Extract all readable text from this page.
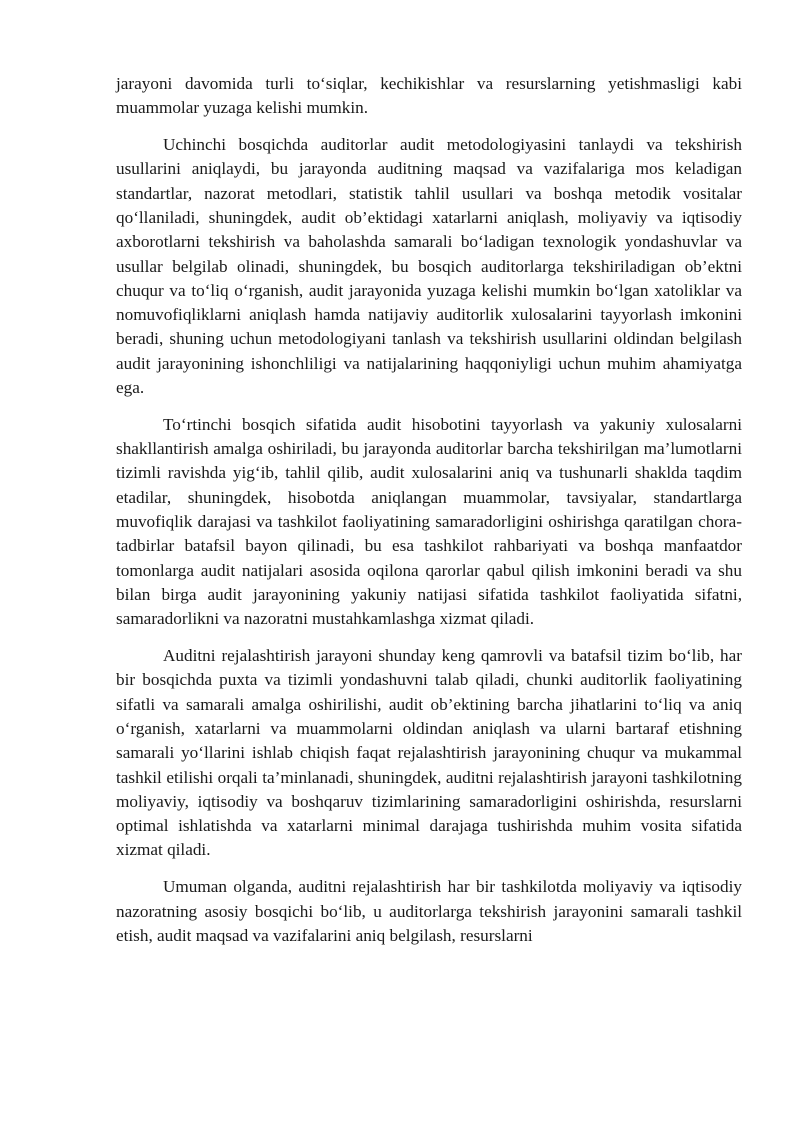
jarayoni davomida turli to‘siqlar, kechikishlar va resurslarning yetishmasligi kabi muammolar yuzaga kelishi mumkin.

Uchinchi bosqichda auditorlar audit metodologiyasini tanlaydi va tekshirish usullarini aniqlaydi, bu jarayonda auditning maqsad va vazifalariga mos keladigan standartlar, nazorat metodlari, statistik tahlil usullari va boshqa metodik vositalar qo‘llaniladi, shuningdek, audit ob’ektidagi xatarlarni aniqlash, moliyaviy va iqtisodiy axborotlarni tekshirish va baholashda samarali bo‘ladigan texnologik yondashuvlar va usullar belgilab olinadi, shuningdek, bu bosqich auditorlarga tekshiriladigan ob’ektni chuqur va to‘liq o‘rganish, audit jarayonida yuzaga kelishi mumkin bo‘lgan xatoliklar va nomuvofiqliklarni aniqlash hamda natijaviy auditorlik xulosalarini tayyorlash imkonini beradi, shuning uchun metodologiyani tanlash va tekshirish usullarini oldindan belgilash audit jarayonining ishonchliligi va natijalarining haqqoniyligi uchun muhim ahamiyatga ega.

To‘rtinchi bosqich sifatida audit hisobotini tayyorlash va yakuniy xulosalarni shakllantirish amalga oshiriladi, bu jarayonda auditorlar barcha tekshirilgan ma’lumotlarni tizimli ravishda yig‘ib, tahlil qilib, audit xulosalarini aniq va tushunarli shaklda taqdim etadilar, shuningdek, hisobotda aniqlangan muammolar, tavsiyalar, standartlarga muvofiqlik darajasi va tashkilot faoliyatining samaradorligini oshirishga qaratilgan chora-tadbirlar batafsil bayon qilinadi, bu esa tashkilot rahbariyati va boshqa manfaatdor tomonlarga audit natijalari asosida oqilona qarorlar qabul qilish imkonini beradi va shu bilan birga audit jarayonining yakuniy natijasi sifatida tashkilot faoliyatida sifatni, samaradorlikni va nazoratni mustahkamlashga xizmat qiladi.

Auditni rejalashtirish jarayoni shunday keng qamrovli va batafsil tizim bo‘lib, har bir bosqichda puxta va tizimli yondashuvni talab qiladi, chunki auditorlik faoliyatining sifatli va samarali amalga oshirilishi, audit ob’ektining barcha jihatlarini to‘liq va aniq o‘rganish, xatarlarni va muammolarni oldindan aniqlash va ularni bartaraf etishning samarali yo‘llarini ishlab chiqish faqat rejalashtirish jarayonining chuqur va mukammal tashkil etilishi orqali ta’minlanadi, shuningdek, auditni rejalashtirish jarayoni tashkilotning moliyaviy, iqtisodiy va boshqaruv tizimlarining samaradorligini oshirishda, resurslarni optimal ishlatishda va xatarlarni minimal darajaga tushirishda muhim vosita sifatida xizmat qiladi.

Umuman olganda, auditni rejalashtirish har bir tashkilotda moliyaviy va iqtisodiy nazoratning asosiy bosqichi bo‘lib, u auditorlarga tekshirish jarayonini samarali tashkil etish, audit maqsad va vazifalarini aniq belgilash, resurslarni
